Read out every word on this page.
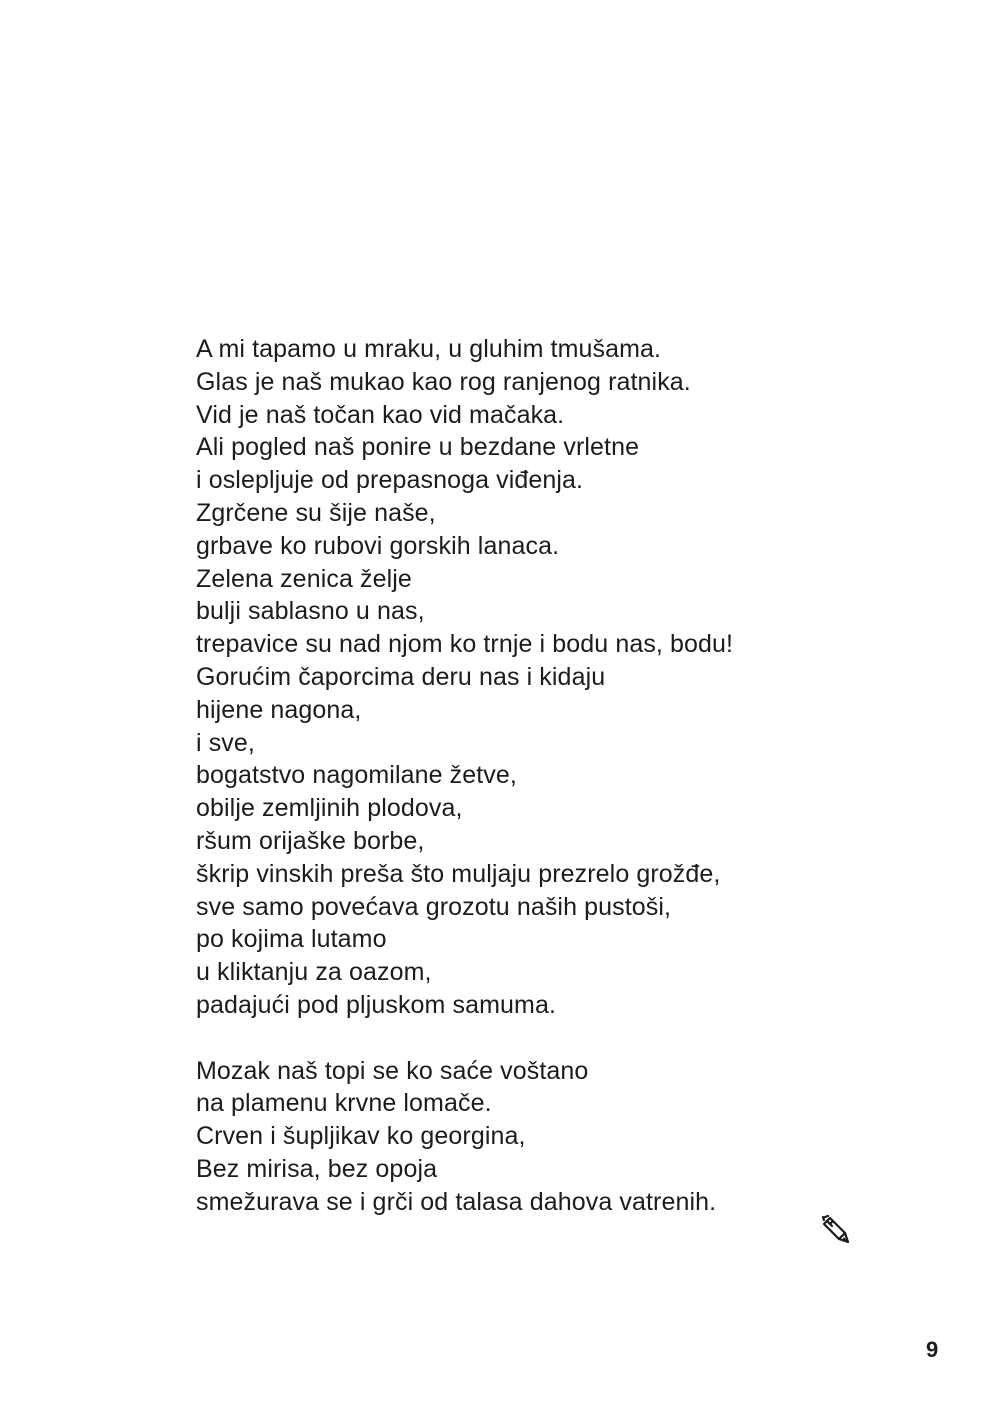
A mi tapamo u mraku, u gluhim tmušama.
Glas je naš mukao kao rog ranjenog ratnika.
Vid je naš točan kao vid mačaka.
Ali pogled naš ponire u bezdane vrletne
i oslepljuje od prepasnoga viđenja.
Zgrčene su šije naše,
grbave ko rubovi gorskih lanaca.
Zelena zenica želje
bulji sablasno u nas,
trepavice su nad njom ko trnje i bodu nas, bodu!
Gorućim čaporcima deru nas i kidaju
hijene nagona,
i sve,
bogatstvo nagomilane žetve,
obilje zemljinih plodova,
ršum orijaške borbe,
škrip vinskih preša što muljaju prezrelo grožđe,
sve samo povećava grozotu naših pustoši,
po kojima lutamo
u kliktanju za oazom,
padajući pod pljuskom samuma.

Mozak naš topi se ko saće voštano
na plamenu krvne lomače.
Crven i šupljikav ko georgina,
Bez mirisa, bez opoja
smežurava se i grči od talasa dahova vatrenih.

9
